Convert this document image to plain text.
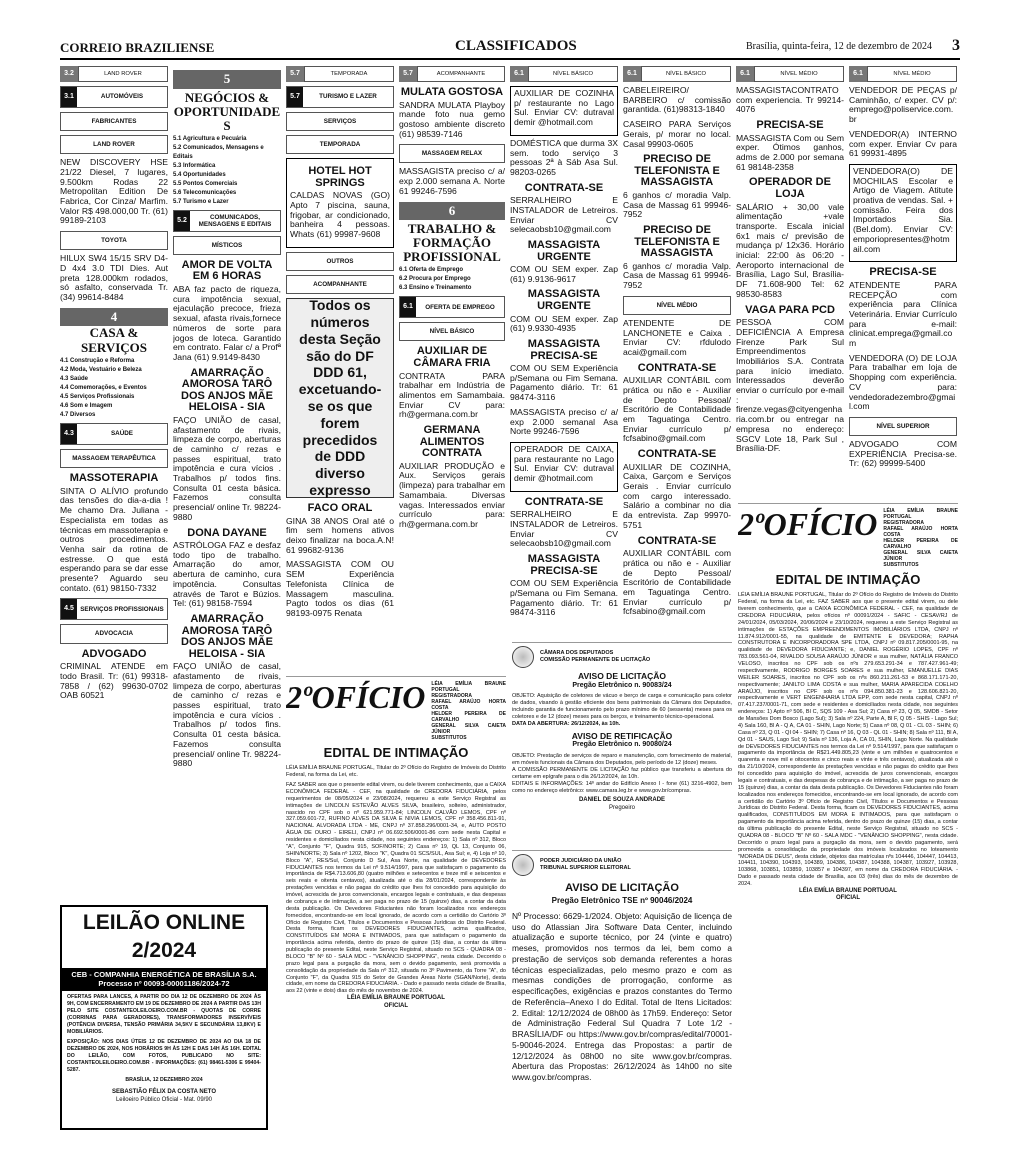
CORREIO BRAZILIENSE	CLASSIFICADOS	Brasília, quinta-feira, 12 de dezembro de 2024 3
3.2	LAND ROVER
3.1	AUTOMÓVEIS
FABRICANTES
LAND ROVER
NEW DISCOVERY HSE 21/22 Diesel, 7 lugares, 9.500km Rodas 22 Metropolitan Edition De Fabrica, Cor Cinza/ Marfim. Valor R$ 498.000,00 Tr. (61) 99189-2103
TOYOTA
HILUX SW4 15/15 SRV D4-D 4x4 3.0 TDI Dies. Aut preta 128.000km rodados, só asfalto, conservada Tr. (34) 99614-8484
4
CASA & SERVIÇOS
4.1 Construção e Reforma
4.2 Moda, Vestuário e Beleza
4.3 Saúde
4.4 Comemorações, e Eventos
4.5 Serviços Profissionais
4.6 Som e Imagem
4.7 Diversos
4.3	SAÚDE
MASSAGEM TERAPÊUTICA
MASSOTERAPIA
SINTA O ALÍVIO profundo das tensões do dia-a-dia ! Me chamo Dra. Juliana - Especialista em todas as técnicas em massoterapia e outros procedimentos. Venha sair da rotina de estresse. O que está esperando para se dar esse presente? Aguardo seu contato. (61) 98150-7332
4.5	SERVIÇOS PROFISSIONAIS
ADVOCACIA
ADVOGADO
CRIMINAL ATENDE em todo Brasil. Tr: (61) 99318-7858 / (62) 99630-0702 OAB 60521
5
NEGÓCIOS & OPORTUNIDADES
5.1 Agricultura e Pecuária
5.2 Comunicados, Mensagens e Editais
5.3 Informática
5.4 Oportunidades
5.5 Pontos Comerciais
5.6 Telecomunicações
5.7 Turismo e Lazer
5.2	COMUNICADOS, MENSAGENS E EDITAIS
MÍSTICOS
AMOR DE VOLTA EM 6 HORAS
ABA faz pacto de riqueza, cura impotência sexual, ejaculação precoce, frieza sexual, afasta rivais,fornece números de sorte para jogos de loteca. Garantido em contrato. Falar c/ a Profª Jana (61) 9.9149-8430
AMARRAÇÃO AMOROSA TARÔ DOS ANJOS MÃE HELOISA - SIA
FAÇO UNIÃO de casal, afastamento de rivais, limpeza de corpo, aberturas de caminho c/ rezas e passes espiritual, trato impotência e cura vícios . Trabalhos p/ todos fins. Consulta 01 cesta básica. Fazemos consulta presencial/ online Tr. 98224-9880
DONA DAYANE
ASTRÓLOGA FAZ e desfaz todo tipo de trabalho. Amarração do amor, abertura de caminho, cura impotência. Consultas através de Tarot e Búzios. Tel: (61) 98158-7594
AMARRAÇÃO AMOROSA TARÔ DOS ANJOS MÃE HELOISA - SIA
FAÇO UNIÃO de casal, afastamento de rivais, limpeza de corpo, aberturas de caminho c/ rezas e passes espiritual, trato impotência e cura vícios . Trabalhos p/ todos fins. Consulta 01 cesta básica. Fazemos consulta presencial/ online Tr. 98224-9880
5.7	TEMPORADA
5.7	TURISMO E LAZER
SERVIÇOS
TEMPORADA
HOTEL HOT SPRINGS
CALDAS NOVAS (GO) Apto 7 piscina, sauna, frigobar, ar condicionado, banheira 4 pessoas. Whats (61) 99987-9608
OUTROS
ACOMPANHANTE
Todos os números desta Seção são do DF DDD 61, excetuando-se os que forem precedidos de DDD diverso expresso
FACO ORAL
GINA 38 ANOS Oral até o fim sem homens ativos deixo finalizar na boca.A.N! 61 99682-9136
MASSAGISTA COM OU SEM Experiência Telefonista Clínica de Massagem masculina. Pagto todos os dias (61 98193-0975 Renata
5.7	ACOMPANHANTE
MULATA GOSTOSA
SANDRA MULATA Playboy mande foto nua gemo gostoso ambiente discreto (61) 98539-7146
MASSAGEM RELAX
MASSAGISTA preciso c/ a/ exp 2.000 semana A. Norte 61 99246-7596
6
TRABALHO & FORMAÇÃO PROFISSIONAL
6.1 Oferta de Emprego
6.2 Procura por Emprego
6.3 Ensino e Treinamento
6.1	OFERTA DE EMPREGO
NÍVEL BÁSICO
AUXILIAR DE CÂMARA FRIA
CONTRATA PARA trabalhar em Indústria de alimentos em Samambaia. Enviar CV para: rh@germana.com.br
GERMANA ALIMENTOS CONTRATA
AUXILIAR PRODUÇÃO e Aux. Serviços gerais (limpeza) para trabalhar em Samambaia. Diversas vagas. Interessados enviar currículo para: rh@germana.com.br
6.1	NÍVEL BÁSICO
AUXILIAR DE COZINHA p/ restaurante no Lago Sul. Enviar CV: dutraval demir @hotmail.com
DOMÉSTICA que durma 3X sem. todo serviço 3 pessoas 2ª à Sáb Asa Sul. 98203-0265
CONTRATA-SE
SERRALHEIRO E INSTALADOR de Letreiros. Enviar CV selecaobsb10@gmail.com
MASSAGISTA URGENTE
COM OU SEM exper. Zap (61) 9.9136-9617
MASSAGISTA URGENTE
COM OU SEM exper. Zap (61) 9.9330-4935
MASSAGISTA PRECISA-SE
COM OU SEM Experiência p/Semana ou Fim Semana. Pagamento diário. Tr: 61 98474-3116
MASSAGISTA preciso c/ a/ exp 2.000 semanal Asa Norte 99246-7596
OPERADOR DE CAIXA, para restaurante no Lago Sul. Enviar CV: dutraval demir @hotmail.com
CONTRATA-SE
SERRALHEIRO E INSTALADOR de Letreiros. Enviar CV selecaobsb10@gmail.com
MASSAGISTA PRECISA-SE
COM OU SEM Experiência p/Semana ou Fim Semana. Pagamento diário. Tr: 61 98474-3116
6.1	NÍVEL BÁSICO
CABELEIREIRO/ BARBEIRO c/ comissão garantida. (61)98313-1840
CASEIRO PARA Serviços Gerais, p/ morar no local. Casal 99903-0605
PRECISO DE TELEFONISTA E MASSAGISTA
6 ganhos c/ moradia Valp. Casa de Massag 61 99946-7952
PRECISO DE TELEFONISTA E MASSAGISTA
6 ganhos c/ moradia Valp. Casa de Massag 61 99946-7952
NÍVEL MÉDIO
ATENDENTE DE LANCHONETE e Caixa . Enviar CV: rfdulodo acai@gmail.com
CONTRATA-SE
AUXILIAR CONTÁBIL com prática ou não e - Auxiliar de Depto Pessoal/ Escritório de Contabilidade em Taguatinga Centro. Enviar currículo p/ fcfsabino@gmail.com
CONTRATA-SE
AUXILIAR DE COZINHA, Caixa, Garçom e Serviços Gerais . Enviar currículo com cargo interessado. Salário a combinar no dia da entrevista. Zap 99970-5751
CONTRATA-SE
AUXILIAR CONTÁBIL com prática ou não e - Auxiliar de Depto Pessoal/ Escritório de Contabilidade em Taguatinga Centro. Enviar currículo p/ fcfsabino@gmail.com
6.1	NÍVEL MÉDIO
MASSAGISTACONTRATO com experiencia. Tr 99214-4076
PRECISA-SE
MASSAGISTA Com ou Sem exper. Ótimos ganhos, adms de 2.000 por semana 61 98148-2358
OPERADOR DE LOJA
SALÁRIO + 30,00 vale alimentação +vale transporte. Escala inicial 6x1 mais c/ previsão de mudança p/ 12x36. Horário inicial: 22:00 às 06:20 - Aeroporto internacional de Brasília, Lago Sul, Brasília-DF 71.608-900 Tel: 62 98530-8583
VAGA PARA PCD
PESSOA COM DEFICIÊNCIA A Empresa Firenze Park Sul Empreendimentos Imobiliários S.A. Contrata para início imediato. Interessados deverão enviar o currículo por e-mail : firenze.vegas@cityengenharia.com.br ou entregar na empresa no endereço: SGCV Lote 18, Park Sul , Brasília-DF.
6.1	NÍVEL MÉDIO
VENDEDOR DE PEÇAS p/ Caminhão, c/ exper. CV p/: emprego@poliservice.com.br
VENDEDOR(A) INTERNO com exper. Enviar Cv para 61 99931-4895
VENDEDORA(O) DE MOCHILAS Escolar e Artigo de Viagem. Atitute proativa de vendas. Sal. + comissão. Feira dos Importados Sia. (Bel.dom). Enviar CV: emporiopresentes@hotmail.com
PRECISA-SE
ATENDENTE PARA RECEPÇÃO com experiência para Clínica Veterinária. Enviar Currículo para e-mail: clinicat.emprega@gmail.com
VENDEDORA (O) DE LOJA Para trabalhar em loja de Shopping com experiência. CV para: vendedoradezembro@gmail.com
NÍVEL SUPERIOR
ADVOGADO COM EXPERIÊNCIA Precisa-se. Tr: (62) 99999-5400
2ºOFÍCIO LÉIA EMÍLIA BRAUNE PORTUGAL
REGISTRADORA
RAFAEL ARAÚJO HORTA COSTA
HELDER PEREIRA DE CARVALHO
GENERAL SILVA CAIETA JÚNIOR
SUBSTITUTOS
EDITAL DE INTIMAÇÃO

LÉIA EMÍLIA BRAUNE PORTUGAL, Titular do 2º Ofício do Registro de Imóveis do Distrito Federal, na forma da Lei, etc.

FAZ SABER aos que o presente edital virem, ou dele tiverem conhecimento, que a CAIXA ECONÔMICA FEDERAL - CEF, na qualidade de CREDORA FIDUCIÁRIA, pelos requerimentos de 08/05/2024 e 23/08/2024, requereu a este Serviço Registral as intimações de LINCOLN ESTEVÃO ALVES SILVA, brasileiro, solteiro, administrador, nascido no CPF sob o nº 621.959.771-84; LINCOLN CALVÃO LEMOS, CPF nº 327.059.601-72, RUFINO ALVES DA SILVA E NIVIA LEMOS, CPF nº 358.456.811-91, NACIONAL ALVORADA LTDA - ME, CNPJ nº 37.858.296/0001-34, e, AUTO POSTO ÁGUA DE OURO - EIRELI, CNPJ nº 06.692.506/0001-86 com sede nesta Capital e residentes e domiciliados nesta cidade, nos seguintes endereços: 1) Sala nº 312, Bloco "A", Conjunto "F", Quadra 915, SOF/NORTE; 2) Casa nº 19, QL 13, Conjunto 06, SHIN/NORTE; 3) Sala nº 1202, Bloco "K", Quadra 01 SCS/SUL, Asa Sul; e, 4) Loja nº 10, Bloco "A", RES/Sul, Conjunto D Sul, Asa Norte, na qualidade de DEVEDORES FIDUCIANTES nos termos da Lei nº 9.514/1997, para que satisfaçam o pagamento da importância de R$4.713.606,80 (quatro milhões e setecentos e treze mil e seiscentos e seis reais e oitenta centavos), atualizada até o dia 28/01/2024, correspondente às prestações vencidas e não pagas do crédito que lhes foi concedido para aquisição do imóvel, acrescida de juros convencionais, encargos legais e contratuais, e das despesas de cobrança e de intimação, a ser paga no prazo de 15 (quinze) dias, a contar da data desta publicação. Os Devedores Fiduciantes não foram localizados nos endereços fornecidos, encontrando-se em local ignorado, de acordo com a certidão do Cartório 3º Ofício de Registro Civil, Títulos e Documentos e Pessoas Jurídicas do Distrito Federal. Desta forma, ficam os DEVEDORES FIDUCIANTES, acima qualificados, CONSTITUÍDOS EM MORA E INTIMADOS, para que satisfaçam o pagamento da importância acima referida, dentro do prazo de quinze (15) dias, a contar da última publicação do presente Edital, neste Serviço Registral, situado no SCS - QUADRA 08 - BLOCO "B" Nº 60 - SALA MDC - "VENÂNCIO SHOPPING", nesta cidade. Decorrido o prazo legal para a purgação da mora, sem o devido pagamento, será promovida a consolidação da propriedade da Sala nº 312, situada no 3º Pavimento, da Torre "A", do Conjunto "F", da Quadra 915 do Setor de Grandes Áreas Norte (SGAN/Norte), desta cidade, em nome da CREDORA FIDUCIÁRIA. - Dado e passado nesta cidade de Brasília, aos 22 (vinte e dois) dias do mês de novembro de 2024.

LÉIA EMÍLIA BRAUNE PORTUGAL
OFICIAL
CÂMARA DOS DEPUTADOS
COMISSÃO PERMANENTE DE LICITAÇÃO
AVISO DE LICITAÇÃO
Pregão Eletrônico n. 90083/24

OBJETO: Aquisição de coletores de vácuo e berço de carga e comunicação para coletor de dados, visando à gestão eficiente dos bens patrimoniais da Câmara dos Deputados, incluindo garantia de funcionamento pelo prazo mínimo de 60 (sessenta) meses para os coletores e de 12 (doze) meses para os berços, e treinamento técnico-operacional.

DATA DA ABERTURA: 26/12/2024, às 10h.

AVISO DE RETIFICAÇÃO
Pregão Eletrônico n. 90080/24

OBJETO: Prestação de serviços de reparo e manutenção, com fornecimento de material, em móveis funcionais da Câmara dos Deputados, pelo período de 12 (doze) meses.

A COMISSÃO PERMANENTE DE LICITAÇÃO faz público que transferiu a abertura do certame em epígrafe para o dia 26/12/2024, às 10h.

EDITAIS E INFORMAÇÕES: 14º andar do Edifício Anexo I - fone (61) 3216-4902, bem como no endereço eletrônico: www.camara.leg.br e www.gov.br/compras.

DANIEL DE SOUZA ANDRADE
Pregoeiro
PODER JUDICIÁRIO DA UNIÃO
TRIBUNAL SUPERIOR ELEITORAL
AVISO DE LICITAÇÃO
Pregão Eletrônico TSE nº 90046/2024

Nº Processo: 6629-1/2024. Objeto: Aquisição de licença de uso do Atlassian Jira Software Data Center, incluindo atualização e suporte técnico, por 24 (vinte e quatro) meses, promovidos nos termos da lei, bem como a prestação de serviços sob demanda referentes a horas técnicas especializadas, pelo mesmo prazo e com as mesmas condições de prorrogação, conforme as especificações, exigências e prazos constantes do Termo de Referência–Anexo I do Edital. Total de Itens Licitados: 2. Edital: 12/12/2024 de 08h00 às 17h59. Endereço: Setor de Administração Federal Sul Quadra 7 Lote 1/2 - BRASÍLIA/DF ou https://www.gov.br/compras/edital/70001-5-90046-2024. Entrega das Propostas: a partir de 12/12/2024 às 08h00 no site www.gov.br/compras. Abertura das Propostas: 26/12/2024 às 14h00 no site www.gov.br/compras.

2ºOFÍCIO LÉIA EMÍLIA BRAUNE PORTUGAL
REGISTRADORA
RAFAEL ARAÚJO HORTA COSTA
HELDER PEREIRA DE CARVALHO
GENERAL SILVA CAIETA JÚNIOR
SUBSTITUTOS
EDITAL DE INTIMAÇÃO

LÉIA EMÍLIA BRAUNE PORTUGAL, Titular do 2º Ofício do Registro de Imóveis do Distrito Federal, na forma da Lei, etc. FAZ SABER aos que o presente edital virem, ou dele tiverem conhecimento, que a CAIXA ECONÔMICA FEDERAL - CEF, na qualidade de CREDORA FIDUCIÁRIA, pelos ofícios nº 00091/2024 - SAFIC - CESAV/RJ de 24/01/2024, 05/03/2024, 20/06/2024 e 23/10/2024, requereu a este Serviço Registral as intimações de ESTAÇÕES EMPREENDIMENTOS IMOBILIÁRIOS LTDA, CNPJ nº 11.874.912/0001-55, na qualidade de EMITENTE E DEVEDORA; RAPHA CONSTRUTORA E INCORPORADORA SPE LTDA, CNPJ nº 09.817.205/0001-95, na qualidade de DEVEDORA FIDUCIANTE; e, DANIEL ROGÉRIO LOPES, CPF nº 783.093.561-04, RIVALDO SOUSA ARAÚJO JÚNIOR e sua mulher, NATÁLIA FRANCO VELOSO, inscritos no CPF sob os nºs 279.653.291-34 e 787.427.961-49; respectivamente, RODRIGO BORGES SOARES e sua mulher, EMANUELLE DIAS WEILER SOARES, inscritos no CPF sob os nºs 860.211.261-53 e 868.171.171-20, respectivamente; JANILTO LIMA COSTA e sua mulher, MARIA APARECIDA COELHO ARAÚJO, inscritos no CPF sob os nºs 094.850.381-23 e 128.606.821-20, respectivamente e VERT ENGENHARIA LTDA EPP, com sede nesta capital, CNPJ nº 07.417.237/0001-71, com sede e residentes e domiciliados nesta cidade, nos seguintes endereços: 1) Apto nº 506, Bl C, SQS 109 - Asa Sul; 2) Casa nº 23, Q 05, SMDB - Setor de Mansões Dom Bosco (Lago Sul); 3) Sala nº 224, Parte A, Bl F, Q 05 - SHIS - Lago Sul; 4) Sala 160, Bl A - Q A, CA 01 - SHIN, Lago Norte; 5) Casa nº 08, Q 01 - CL 03 - SHIN; 6) Casa nº 23, Q 01 - QI 04 - SHIN; 7) Casa nº 16, Q 03 - QL 01 - SHIN; 8) Sala nº 111, Bl A, Qd 01 - SAUS, Lago Sul; 9) Sala nº 136, Loja A, CA 01, SHIN, Lago Norte. Na qualidade de DEVEDORES FIDUCIANTES nos termos da Lei nº 9.514/1997, para que satisfaçam o pagamento da importância de R$21.449.805,23 (vinte e um milhões e quatrocentos e quarenta e nove mil e oitocentos e cinco reais e vinte e três centavos), atualizada até o dia 21/10/2024, correspondente às prestações vencidas e não pagas do crédito que lhes foi concedido para aquisição do imóvel, acrescida de juros convencionais, encargos legais e contratuais, e das despesas de cobrança e de intimação, a ser paga no prazo de 15 (quinze) dias, a contar da data desta publicação. Os Devedores Fiduciantes não foram localizados nos endereços fornecidos, encontrando-se em local ignorado, de acordo com a certidão do Cartório 3º Ofício de Registro Civil, Títulos e Documentos e Pessoas Jurídicas do Distrito Federal. Desta forma, ficam os DEVEDORES FIDUCIANTES, acima qualificados, CONSTITUÍDOS EM MORA E INTIMADOS, para que satisfaçam o pagamento da importância acima referida, dentro do prazo de quinze (15) dias, a contar da última publicação do presente Edital, neste Serviço Registral, situado no SCS - QUADRA 08 - BLOCO "B" Nº 60 - SALA MDC - "VENÂNCIO SHOPPING", nesta cidade. Decorrido o prazo legal para a purgação da mora, sem o devido pagamento, será promovida a consolidação da propriedade dos imóveis localizados no loteamento "MORADA DE DEUS", desta cidade, objetos das matrículas nºs 104446, 104447, 104413, 104411, 104390, 104393, 104389, 104386, 104387, 104388, 104387, 103927, 103928, 103868, 103851, 103859, 103857 e 104397, em nome da CREDORA FIDUCIÁRIA. - Dado e passado nesta cidade de Brasília, aos 03 (três) dias do mês de dezembro de 2024.

LÉIA EMÍLIA BRAUNE PORTUGAL
OFICIAL
LEILÃO ONLINE 2/2024
CEB - COMPANHIA ENERGÉTICA DE BRASÍLIA S.A.
Processo nº 00093-00001186/2024-72

OFERTAS PARA LANCES, A PARTIR DO DIA 12 DE DEZEMBRO DE 2024 ÀS 9H, COM ENCERRAMENTO EM 19 DE DEZEMBRO DE 2024 A PARTIR DAS 13H PELO SITE COSTANTEOLEILOEIRO.COM.BR - QUOTAS DE CORRE (CORRINAS PARA GERADORES), TRANSFORMADORES INSERVÍVEIS (POTÊNCIA DIVERSA, TENSÃO PRIMÁRIA 34,5KV E SECUNDÁRIA 13,8KV) E MOBILIÁRIOS.

EXPOSIÇÃO: NOS DIAS ÚTEIS 12 DE DEZEMBRO DE 2024 AO DIA 18 DE DEZEMBRO DE 2024, NOS HORÁRIOS 9H ÀS 12H E DAS 14H ÀS 16H. EDITAL DO LEILÃO, COM FOTOS, PUBLICADO NO SITE: COSTANTEOLEILOEIRO.COM.BR - INFORMAÇÕES: (61) 98461-5306 E 99404-5287.

BRASÍLIA, 12 DEZEMBRO 2024
SEBASTIÃO FÉLIX DA COSTA NETO
Leiloeiro Público Oficial - Mat. 09/90
